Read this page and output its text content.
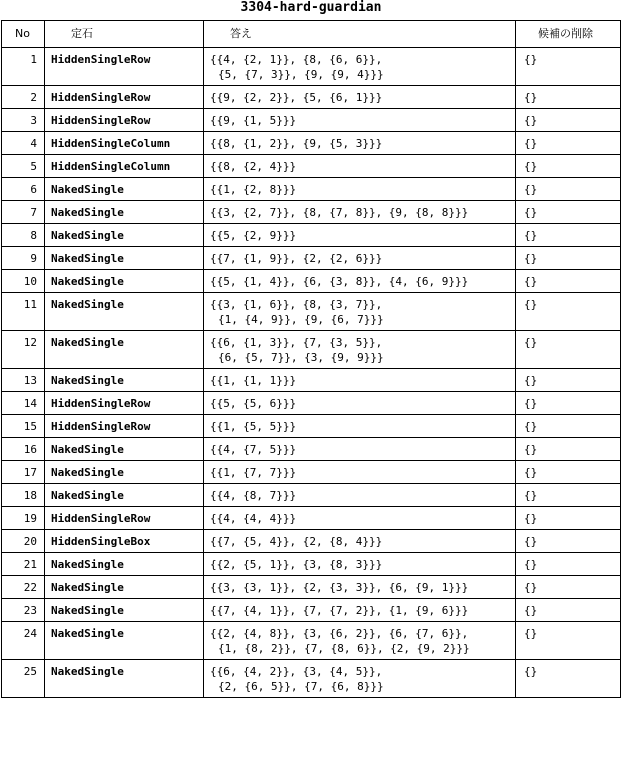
3304-hard-guardian
No	定石	答え	候補の削除
1	HiddenSingleRow	{{4, {2, 1}}, {8, {6, 6}},
{5, {7, 3}}, {9, {9, 4}}}	{}
2	HiddenSingleRow	{{9, {2, 2}}, {5, {6, 1}}}	{}
3	HiddenSingleRow	{{9, {1, 5}}}	{}
4	HiddenSingleColumn	{{8, {1, 2}}, {9, {5, 3}}}	{}
5	HiddenSingleColumn	{{8, {2, 4}}}	{}
6	NakedSingle	{{1, {2, 8}}}	{}
7	NakedSingle	{{3, {2, 7}}, {8, {7, 8}}, {9, {8, 8}}}	{}
8	NakedSingle	{{5, {2, 9}}}	{}
9	NakedSingle	{{7, {1, 9}}, {2, {2, 6}}}	{}
10	NakedSingle	{{5, {1, 4}}, {6, {3, 8}}, {4, {6, 9}}}	{}
11	NakedSingle	{{3, {1, 6}}, {8, {3, 7}},
{1, {4, 9}}, {9, {6, 7}}}	{}
12	NakedSingle	{{6, {1, 3}}, {7, {3, 5}},
{6, {5, 7}}, {3, {9, 9}}}	{}
13	NakedSingle	{{1, {1, 1}}}	{}
14	HiddenSingleRow	{{5, {5, 6}}}	{}
15	HiddenSingleRow	{{1, {5, 5}}}	{}
16	NakedSingle	{{4, {7, 5}}}	{}
17	NakedSingle	{{1, {7, 7}}}	{}
18	NakedSingle	{{4, {8, 7}}}	{}
19	HiddenSingleRow	{{4, {4, 4}}}	{}
20	HiddenSingleBox	{{7, {5, 4}}, {2, {8, 4}}}	{}
21	NakedSingle	{{2, {5, 1}}, {3, {8, 3}}}	{}
22	NakedSingle	{{3, {3, 1}}, {2, {3, 3}}, {6, {9, 1}}}	{}
23	NakedSingle	{{7, {4, 1}}, {7, {7, 2}}, {1, {9, 6}}}	{}
24	NakedSingle	{{2, {4, 8}}, {3, {6, 2}}, {6, {7, 6}},
{1, {8, 2}}, {7, {8, 6}}, {2, {9, 2}}}	{}
25	NakedSingle	{{6, {4, 2}}, {3, {4, 5}},
{2, {6, 5}}, {7, {6, 8}}}	{}
